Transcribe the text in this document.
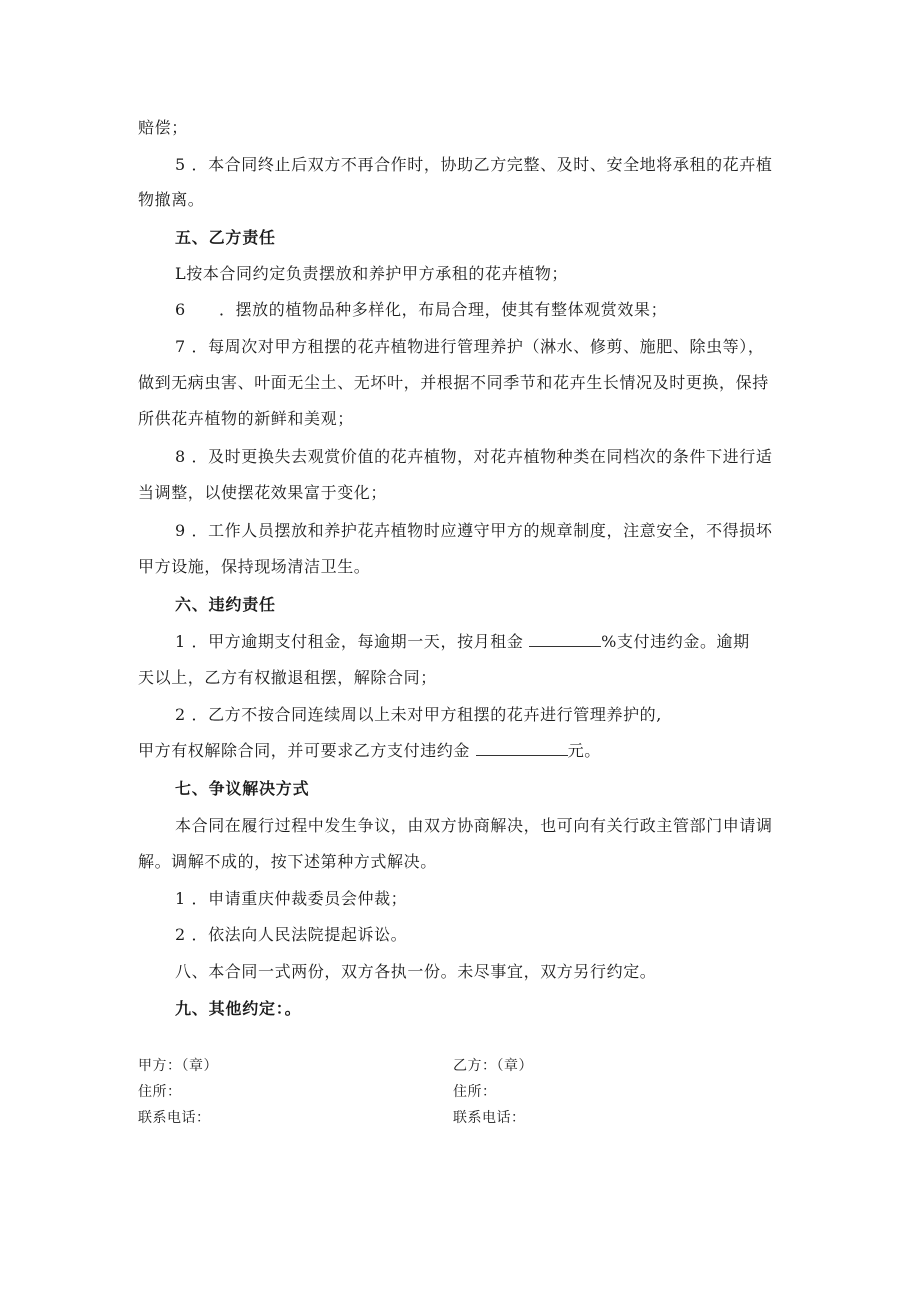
赔偿；
5 ．本合同终止后双方不再合作时，协助乙方完整、及时、安全地将承租的花卉植
物撤离。
五、乙方责任
L按本合同约定负责摆放和养护甲方承租的花卉植物；
6　　．摆放的植物品种多样化，布局合理，使其有整体观赏效果；
7 ．每周次对甲方租摆的花卉植物进行管理养护（淋水、修剪、施肥、除虫等），
做到无病虫害、叶面无尘土、无坏叶，并根据不同季节和花卉生长情况及时更换，保持
所供花卉植物的新鲜和美观；
8 ．及时更换失去观赏价值的花卉植物，对花卉植物种类在同档次的条件下进行适
当调整，以使摆花效果富于变化；
9 ．工作人员摆放和养护花卉植物时应遵守甲方的规章制度，注意安全，不得损坏
甲方设施，保持现场清洁卫生。
六、违约责任
1 ．甲方逾期支付租金，每逾期一天，按月租金	%支付违约金。逾期
天以上，乙方有权撤退租摆，解除合同；
2 ．乙方不按合同连续周以上未对甲方租摆的花卉进行管理养护的,
甲方有权解除合同，并可要求乙方支付违约金	元。
七、争议解决方式
本合同在履行过程中发生争议，由双方协商解决，也可向有关行政主管部门申请调
解。调解不成的，按下述第种方式解决。
1 ．申请重庆仲裁委员会仲裁；
2 ．依法向人民法院提起诉讼。
八、本合同一式两份，双方各执一份。未尽事宜，双方另行约定。
九、其他约定：。
甲方：（章）
住所：
联系电话：
乙方：（章）
住所：
联系电话：
